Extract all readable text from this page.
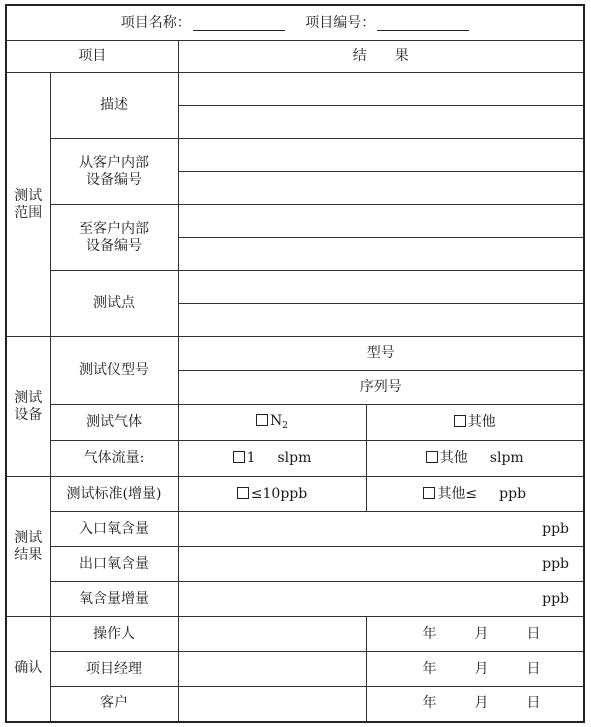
项目名称： 项目编号：			
项目		结　　果	
测试
范围	描述		

	从客户内部
设备编号		

	至客户内部
设备编号		

	测试点		

测试
设备	测试仪型号	型号	
		序列号	
	测试气体	$N_2$	其他
	气体流量:	1 slpm	其他 slpm
测试
结果	测试标准(增量)	≤10ppb	其他≤ ppb
	入口氧含量	ppb	
	出口氧含量	ppb	
	氧含量增量	ppb	
确认	操作人		年 月 日
	项目经理		年 月 日
	客户		年 月 日
